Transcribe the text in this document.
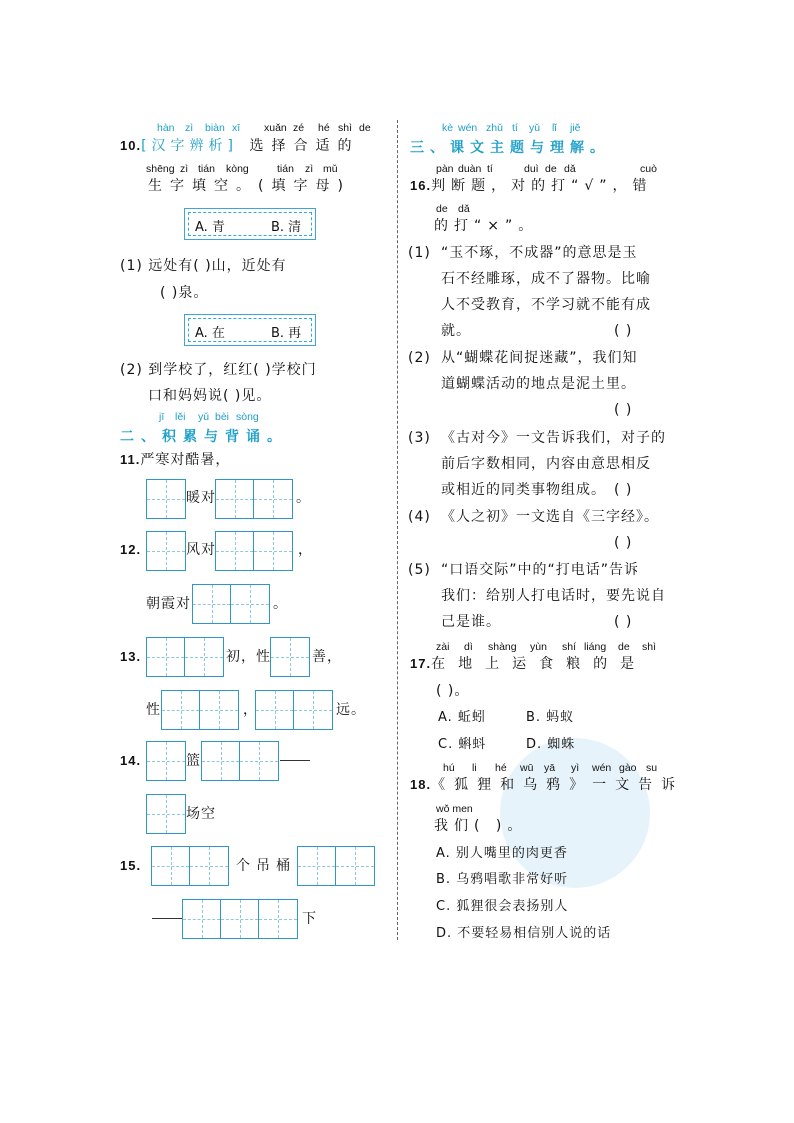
hàn zì biàn xī xuǎn zé hé shì de
10.[汉字辨析] 选择合适的
shēng zì tián kòng	tián zì mǔ
生字填空。(填字母)
A. 青	B. 清
(1) 远处有( )山，近处有
( )泉。
A. 在	B. 再
(2) 到学校了，红红( )学校门
口和妈妈说( )见。
jī lěi yǔ bèi sòng
二、积累与背诵。
11.严寒对酷暑，
暖对	。
12.	风对	，
朝霞对	。
13.	初，性	善，
性	，	远。
14.	篮
场空
15.	个吊桶
下
kè wén zhǔ tí yǔ lǐ jiě
三、课文主题与理解。
pàn duàn tí	duì de dǎ	cuò
16.判断题，对的打“√”，错
de dǎ
的打“×”。
(1) “玉不琢，不成器”的意思是玉
石不经雕琢，成不了器物。比喻
人不受教育，不学习就不能有成
就。	( )
(2) 从“蝴蝶花间捉迷藏”，我们知
道蝴蝶活动的地点是泥土里。
( )
(3) 《古对今》一文告诉我们，对子的
前后字数相同，内容由意思相反
或相近的同类事物组成。 ( )
(4) 《人之初》一文选自《三字经》。
( )
(5) “口语交际”中的“打电话”告诉
我们：给别人打电话时，要先说自
己是谁。	( )
zài dì shàng yùn shí liáng de shì
17.在地上运食粮的是
( )。
A. 蚯蚓	B. 蚂蚁
C. 蝌蚪	D. 蜘蛛
hú li hé wū yā yì wén gào su
18.《狐狸和乌鸦》一文告诉
wǒ men
我们( )。
A. 别人嘴里的肉更香
B. 乌鸦唱歌非常好听
C. 狐狸很会表扬别人
D. 不要轻易相信别人说的话
